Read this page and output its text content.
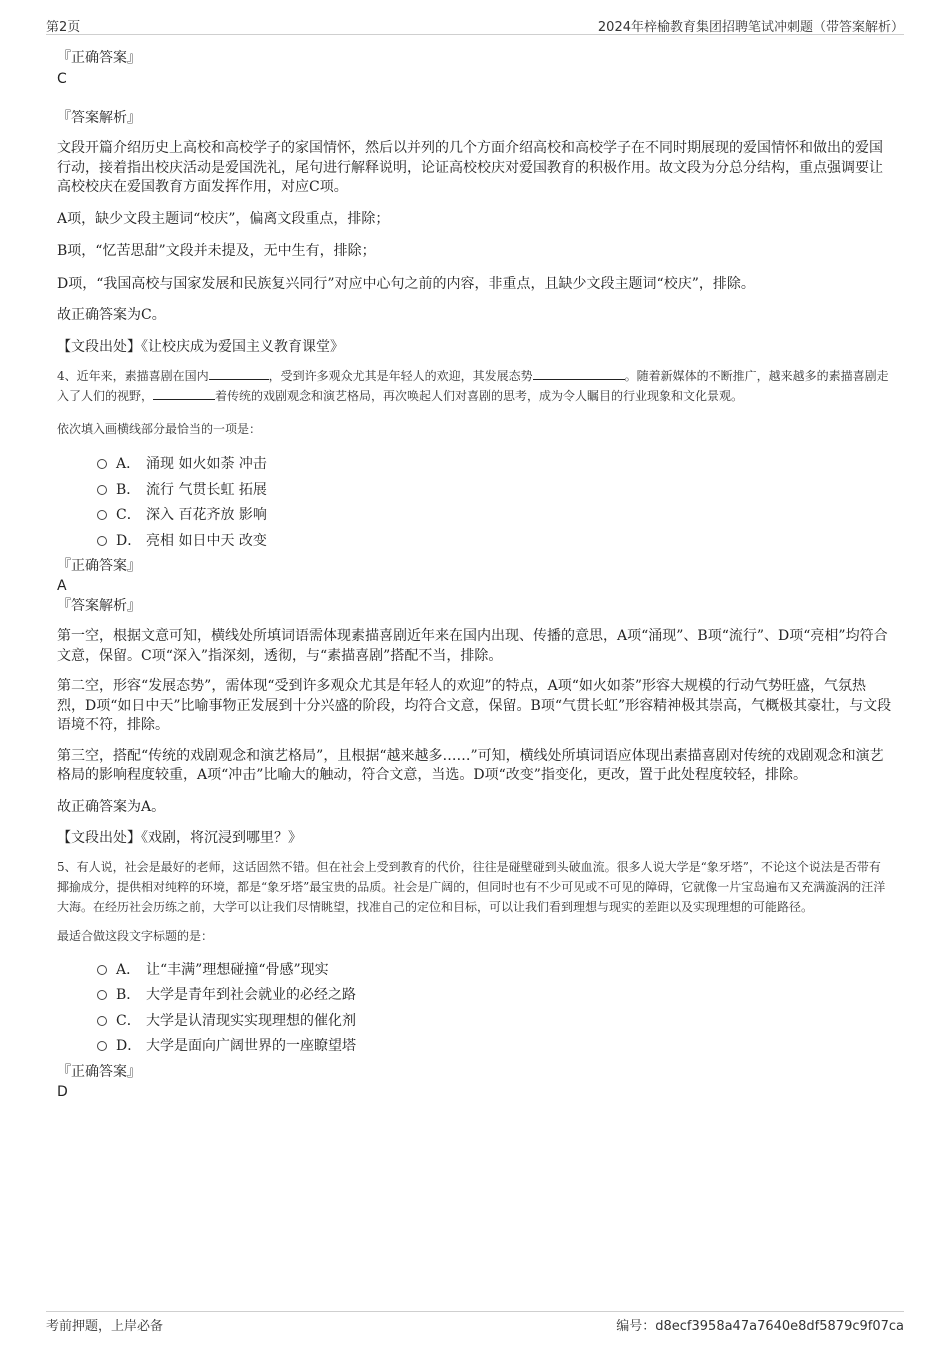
第2页	2024年梓榆教育集团招聘笔试冲刺题（带答案解析）
『正确答案』
C
『答案解析』

文段开篇介绍历史上高校和高校学子的家国情怀，然后以并列的几个方面介绍高校和高校学子在不同时期展现的爱国情怀和做出的爱国行动，接着指出校庆活动是爱国洗礼，尾句进行解释说明，论证高校校庆对爱国教育的积极作用。故文段为分总分结构，重点强调要让高校校庆在爱国教育方面发挥作用，对应C项。

A项，缺少文段主题词“校庆”，偏离文段重点，排除；

B项，“忆苦思甜”文段并未提及，无中生有，排除；

D项，“我国高校与国家发展和民族复兴同行”对应中心句之前的内容，非重点，且缺少文段主题词“校庆”，排除。

故正确答案为C。

【文段出处】《让校庆成为爱国主义教育课堂》

4、近年来，素描喜剧在国内	，受到许多观众尤其是年轻人的欢迎，其发展态势	。随着新媒体的不断推广，越来越多的素描喜剧走入了人们的视野，	着传统的戏剧观念和演艺格局，再次唤起人们对喜剧的思考，成为令人瞩目的行业现象和文化景观。

依次填入画横线部分最恰当的一项是：

A． 涌现 如火如荼 冲击
B． 流行 气贯长虹 拓展
C． 深入 百花齐放 影响
D． 亮相 如日中天 改变
『正确答案』
A
『答案解析』

第一空，根据文意可知，横线处所填词语需体现素描喜剧近年来在国内出现、传播的意思，A项“涌现”、B项“流行”、D项“亮相”均符合文意，保留。C项“深入”指深刻，透彻，与“素描喜剧”搭配不当，排除。

第二空，形容“发展态势”，需体现“受到许多观众尤其是年轻人的欢迎”的特点，A项“如火如荼”形容大规模的行动气势旺盛，气氛热烈，D项“如日中天”比喻事物正发展到十分兴盛的阶段，均符合文意，保留。B项“气贯长虹”形容精神极其崇高，气概极其豪壮，与文段语境不符，排除。

第三空，搭配“传统的戏剧观念和演艺格局”，且根据“越来越多……”可知，横线处所填词语应体现出素描喜剧对传统的戏剧观念和演艺格局的影响程度较重，A项“冲击”比喻大的触动，符合文意，当选。D项“改变”指变化，更改，置于此处程度较轻，排除。

故正确答案为A。

【文段出处】《戏剧，将沉浸到哪里？》

5、有人说，社会是最好的老师，这话固然不错。但在社会上受到教育的代价，往往是碰壁碰到头破血流。很多人说大学是“象牙塔”，不论这个说法是否带有揶揄成分，提供相对纯粹的环境，都是“象牙塔”最宝贵的品质。社会是广阔的，但同时也有不少可见或不可见的障碍，它就像一片宝岛遍布又充满漩涡的汪洋大海。在经历社会历练之前，大学可以让我们尽情眺望，找准自己的定位和目标，可以让我们看到理想与现实的差距以及实现理想的可能路径。

最适合做这段文字标题的是：

A． 让“丰满”理想碰撞“骨感”现实
B． 大学是青年到社会就业的必经之路
C． 大学是认清现实实现理想的催化剂
D． 大学是面向广阔世界的一座瞭望塔
『正确答案』
D
考前押题，上岸必备	编号：d8ecf3958a47a7640e8df5879c9f07ca
